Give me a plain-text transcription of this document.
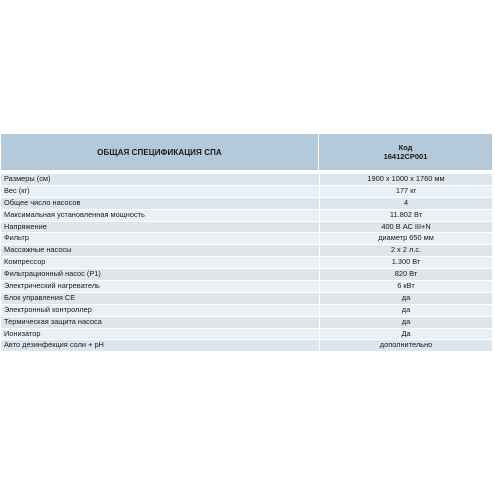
ОБЩАЯ СПЕЦИФИКАЦИЯ СПА	Код
16412CP001
Размеры (см)	1900 x 1000 x 1760 мм
Вес (кг)	177 кг
Общее число насосов	4
Максимальная установленная мощность	11.802 Вт
Напряжение	400 В АС III+N
Фильтр	диаметр 650 мм
Массажные насосы	2 x 2 л.с.
Компрессор	1.300 Вт
Фильтрационный насос (P1)	820 Вт
Электрический нагреватель	6 кВт
Блок управления СЕ	да
Электронный контроллер	да
Термическая защита насоса	да
Ионизатор	Да
Авто дезинфекция соли + pH	дополнительно
